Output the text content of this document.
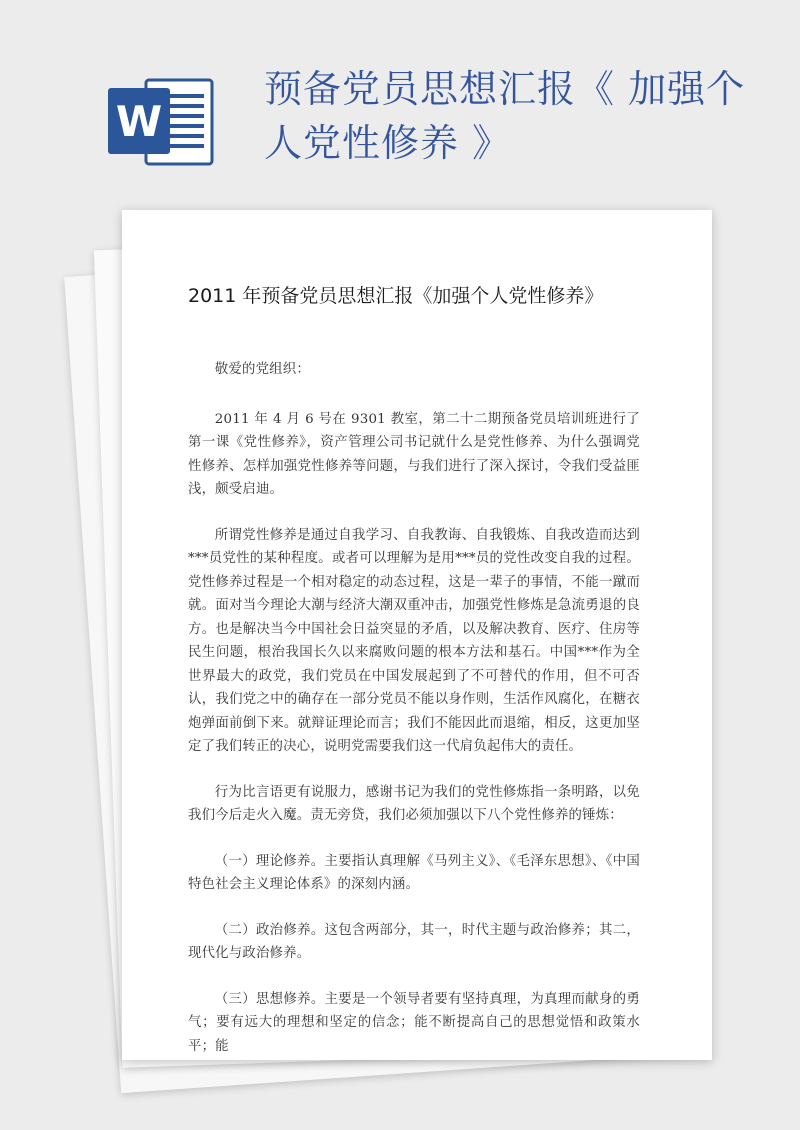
W
预备党员思想汇报《 加强个人党性修养 》
2011 年预备党员思想汇报《加强个人党性修养》

敬爱的党组织：

2011 年 4 月 6 号在 9301 教室，第二十二期预备党员培训班进行了第一课《党性修养》，资产管理公司书记就什么是党性修养、为什么强调党性修养、怎样加强党性修养等问题，与我们进行了深入探讨，令我们受益匪浅，颇受启迪。

所谓党性修养是通过自我学习、自我教诲、自我锻炼、自我改造而达到***员党性的某种程度。或者可以理解为是用***员的党性改变自我的过程。党性修养过程是一个相对稳定的动态过程，这是一辈子的事情，不能一蹴而就。面对当今理论大潮与经济大潮双重冲击，加强党性修炼是急流勇退的良方。也是解决当今中国社会日益突显的矛盾，以及解决教育、医疗、住房等民生问题，根治我国长久以来腐败问题的根本方法和基石。中国***作为全世界最大的政党，我们党员在中国发展起到了不可替代的作用，但不可否认，我们党之中的确存在一部分党员不能以身作则，生活作风腐化，在糖衣炮弹面前倒下来。就辩证理论而言；我们不能因此而退缩，相反，这更加坚定了我们转正的决心，说明党需要我们这一代肩负起伟大的责任。

行为比言语更有说服力，感谢书记为我们的党性修炼指一条明路，以免我们今后走火入魔。责无旁贷，我们必须加强以下八个党性修养的锤炼：

（一）理论修养。主要指认真理解《马列主义》、《毛泽东思想》、《中国特色社会主义理论体系》的深刻内涵。

（二）政治修养。这包含两部分，其一，时代主题与政治修养；其二，现代化与政治修养。

（三）思想修养。主要是一个领导者要有坚持真理，为真理而献身的勇气；要有远大的理想和坚定的信念；能不断提高自己的思想觉悟和政策水平；能
